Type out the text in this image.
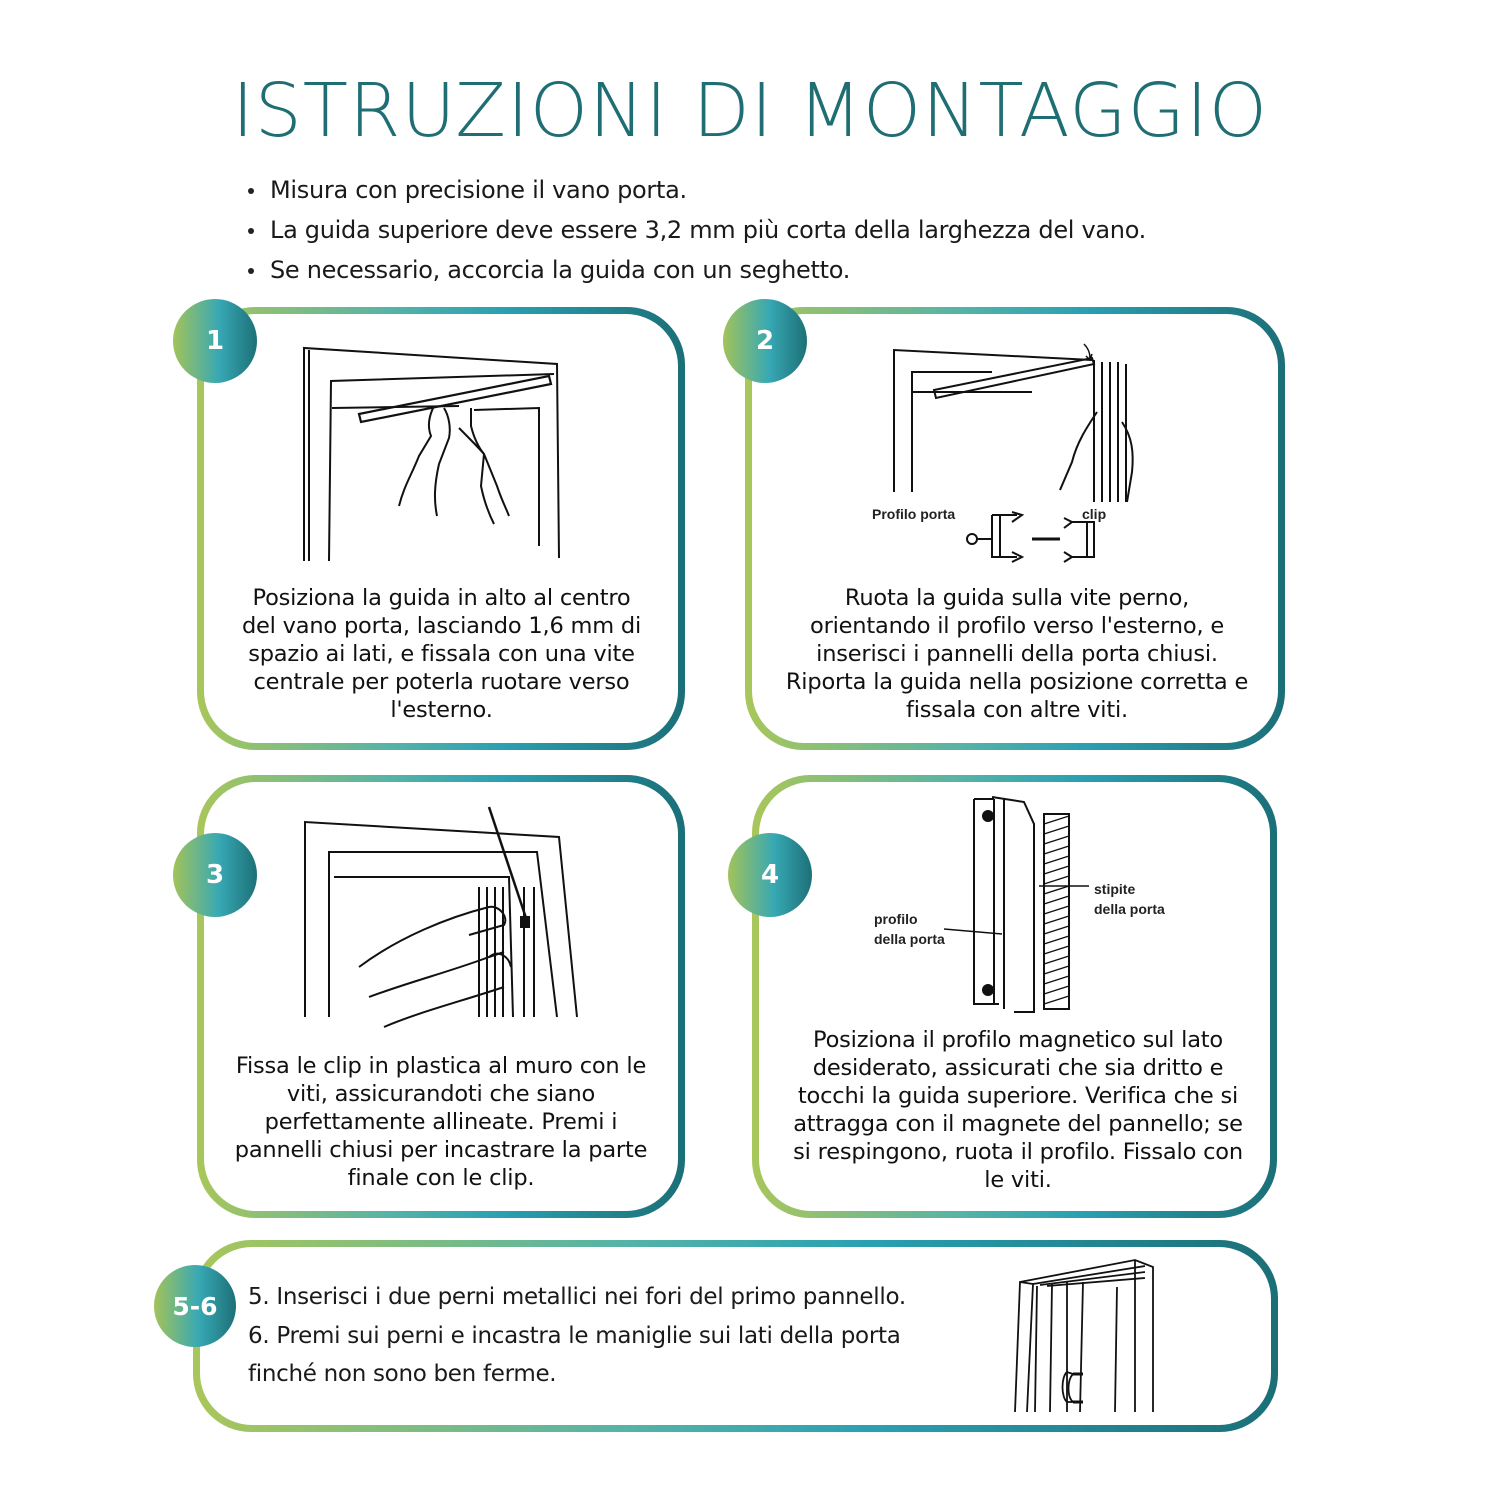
ISTRUZIONI DI MONTAGGIO
Misura con precisione il vano porta.
La guida superiore deve essere 3,2 mm più corta della larghezza del vano.
Se necessario, accorcia la guida con un seghetto.
Posiziona la guida in alto al centro del vano porta, lasciando 1,6 mm di spazio ai lati, e fissala con una vite centrale per poterla ruotare verso l'esterno.
1
Profilo porta	clip
Ruota la guida sulla vite perno, orientando il profilo verso l'esterno, e inserisci i pannelli della porta chiusi. Riporta la guida nella posizione corretta e fissala con altre viti.
2
Fissa le clip in plastica al muro con le viti, assicurandoti che siano perfettamente allineate. Premi i pannelli chiusi per incastrare la parte finale con le clip.
3	stipite
della porta
profilo
della porta
Posiziona il profilo magnetico sul lato desiderato, assicurati che sia dritto e tocchi la guida superiore. Verifica che si attragga con il magnete del pannello; se si respingono, ruota il profilo. Fissalo con le viti.
4
5. Inserisci i due perni metallici nei fori del primo pannello.
6. Premi sui perni e incastra le maniglie sui lati della porta
finché non sono ben ferme.
5-6
